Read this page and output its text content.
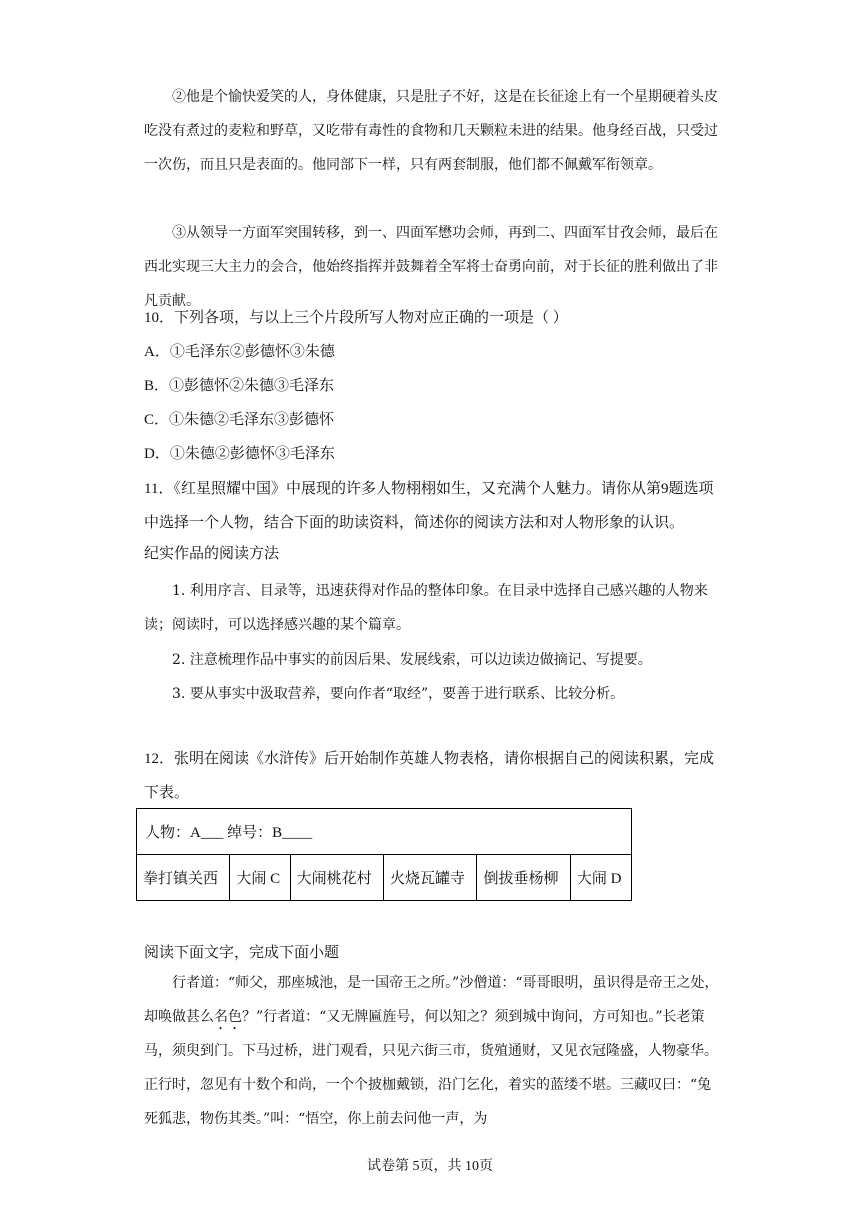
②他是个愉快爱笑的人，身体健康，只是肚子不好，这是在长征途上有一个星期硬着头皮吃没有煮过的麦粒和野草，又吃带有毒性的食物和几天颗粒未进的结果。他身经百战，只受过一次伤，而且只是表面的。他同部下一样，只有两套制服，他们都不佩戴军衔领章。

③从领导一方面军突围转移，到一、四面军懋功会师，再到二、四面军甘孜会师，最后在西北实现三大主力的会合，他始终指挥并鼓舞着全军将士奋勇向前，对于长征的胜利做出了非凡贡献。

10．下列各项，与以上三个片段所写人物对应正确的一项是（ ）
A．①毛泽东②彭德怀③朱德
B．①彭德怀②朱德③毛泽东
C．①朱德②毛泽东③彭德怀
D．①朱德②彭德怀③毛泽东

11．《红星照耀中国》中展现的许多人物栩栩如生，又充满个人魅力。请你从第9题选项中选择一个人物，结合下面的助读资料，简述你的阅读方法和对人物形象的认识。

纪实作品的阅读方法

1. 利用序言、目录等，迅速获得对作品的整体印象。在目录中选择自己感兴趣的人物来读；阅读时，可以选择感兴趣的某个篇章。

2. 注意梳理作品中事实的前因后果、发展线索，可以边读边做摘记、写提要。

3. 要从事实中汲取营养，要向作者“取经”，要善于进行联系、比较分析。

12．张明在阅读《水浒传》后开始制作英雄人物表格，请你根据自己的阅读积累，完成下表。

人物：A___ 绰号：B____
拳打镇关西	大闹 C	大闹桃花村	火烧瓦罐寺	倒拔垂杨柳	大闹 D
阅读下面文字，完成下面小题

行者道：“师父，那座城池，是一国帝王之所。”沙僧道：“哥哥眼明，虽识得是帝王之处，却唤做甚么名色？”行者道：“又无牌匾旌号，何以知之？须到城中询问，方可知也。”长老策马，须臾到门。下马过桥，进门观看，只见六街三市，货殖通财，又见衣冠隆盛，人物豪华。正行时，忽见有十数个和尚，一个个披枷戴锁，沿门乞化，着实的蓝缕不堪。三藏叹曰：“兔死狐悲，物伤其类。”叫：“悟空，你上前去问他一声，为

试卷第 5页，共 10页
